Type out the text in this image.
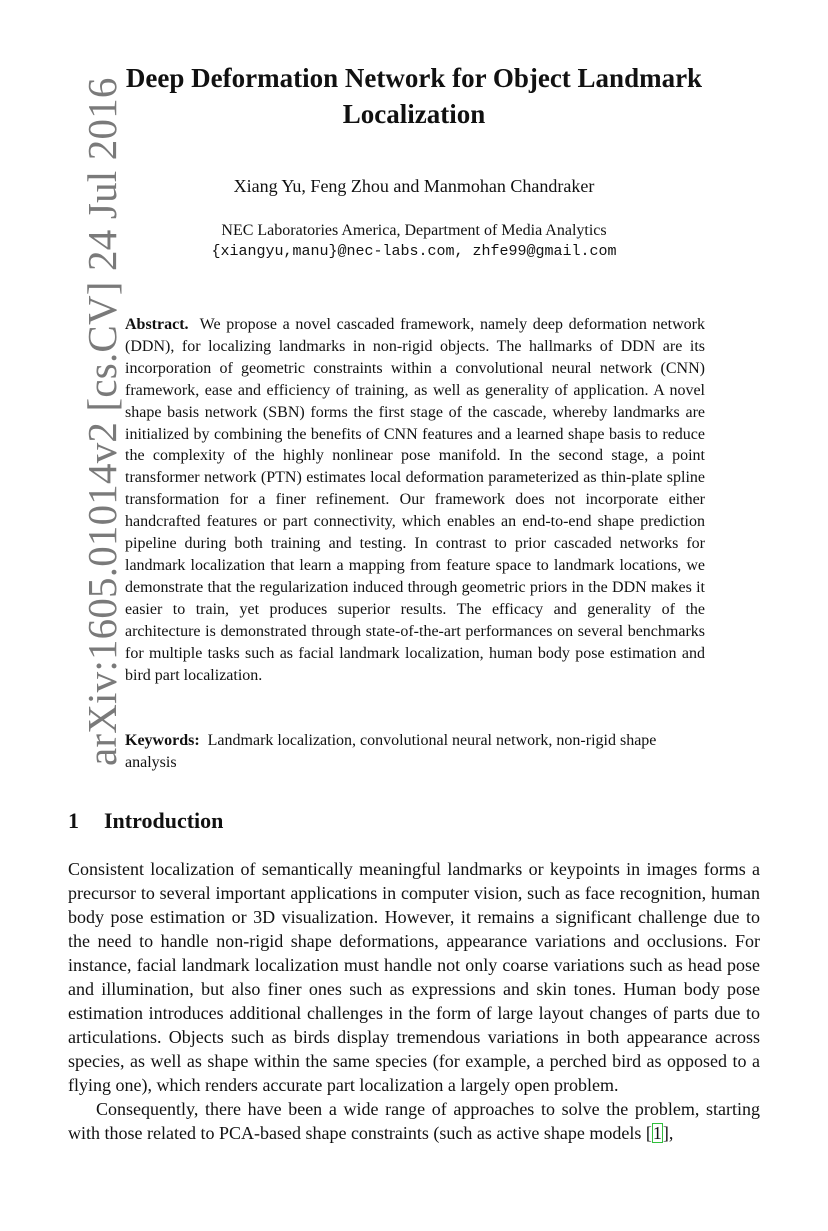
arXiv:1605.01014v2 [cs.CV] 24 Jul 2016 Deep Deformation Network for Object Landmark
Localization
Xiang Yu, Feng Zhou and Manmohan Chandraker
NEC Laboratories America, Department of Media Analytics
{xiangyu,manu}@nec-labs.com, zhfe99@gmail.com
Abstract. We propose a novel cascaded framework, namely deep deformation network (DDN), for localizing landmarks in non-rigid objects. The hallmarks of DDN are its incorporation of geometric constraints within a convolutional neural network (CNN) framework, ease and efficiency of training, as well as generality of application. A novel shape basis network (SBN) forms the first stage of the cascade, whereby landmarks are initialized by combining the benefits of CNN features and a learned shape basis to reduce the complexity of the highly nonlinear pose manifold. In the second stage, a point transformer network (PTN) estimates local deformation parameterized as thin-plate spline transformation for a finer refinement. Our framework does not incorporate either handcrafted features or part connectivity, which enables an end-to-end shape prediction pipeline during both training and testing. In contrast to prior cascaded networks for landmark localization that learn a mapping from feature space to landmark locations, we demonstrate that the regularization induced through geometric priors in the DDN makes it easier to train, yet produces superior results. The efficacy and generality of the architecture is demonstrated through state-of-the-art performances on several benchmarks for multiple tasks such as facial landmark localization, human body pose estimation and bird part localization.
Keywords: Landmark localization, convolutional neural network, non-rigid shape analysis
1 Introduction

Consistent localization of semantically meaningful landmarks or keypoints in images forms a precursor to several important applications in computer vision, such as face recognition, human body pose estimation or 3D visualization. However, it remains a significant challenge due to the need to handle non-rigid shape deformations, appearance variations and occlusions. For instance, facial landmark localization must handle not only coarse variations such as head pose and illumination, but also finer ones such as expressions and skin tones. Human body pose estimation introduces additional challenges in the form of large layout changes of parts due to articulations. Objects such as birds display tremendous variations in both appearance across species, as well as shape within the same species (for example, a perched bird as opposed to a flying one), which renders accurate part localization a largely open problem.

Consequently, there have been a wide range of approaches to solve the problem, starting with those related to PCA-based shape constraints (such as active shape models [1],
